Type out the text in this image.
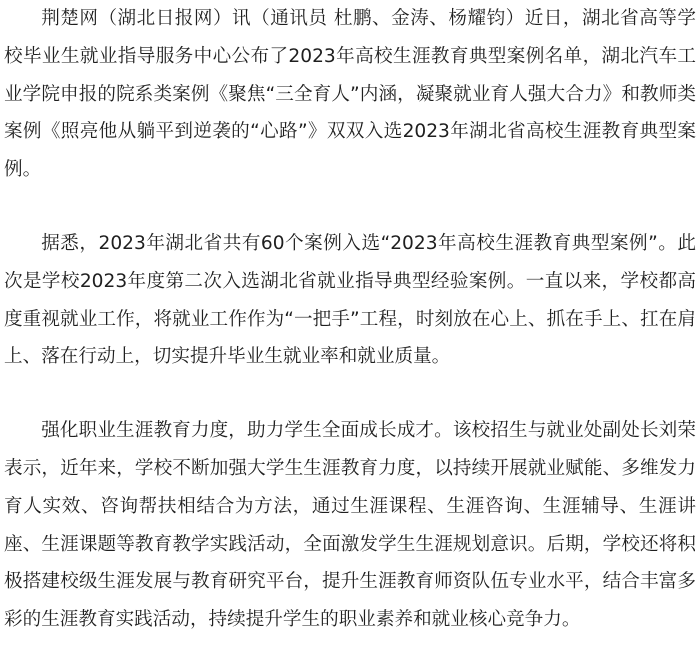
荆楚网（湖北日报网）讯（通讯员 杜鹏、金涛、杨耀钧）近日，湖北省高等学校毕业生就业指导服务中心公布了2023年高校生涯教育典型案例名单，湖北汽车工业学院申报的院系类案例《聚焦“三全育人”内涵，凝聚就业育人强大合力》和教师类案例《照亮他从躺平到逆袭的“心路”》双双入选2023年湖北省高校生涯教育典型案例。

据悉，2023年湖北省共有60个案例入选“2023年高校生涯教育典型案例”。此次是学校2023年度第二次入选湖北省就业指导典型经验案例。一直以来，学校都高度重视就业工作，将就业工作作为“一把手”工程，时刻放在心上、抓在手上、扛在肩上、落在行动上，切实提升毕业生就业率和就业质量。

强化职业生涯教育力度，助力学生全面成长成才。该校招生与就业处副处长刘荣表示，近年来，学校不断加强大学生生涯教育力度，以持续开展就业赋能、多维发力育人实效、咨询帮扶相结合为方法，通过生涯课程、生涯咨询、生涯辅导、生涯讲座、生涯课题等教育教学实践活动，全面激发学生生涯规划意识。后期，学校还将积极搭建校级生涯发展与教育研究平台，提升生涯教育师资队伍专业水平，结合丰富多彩的生涯教育实践活动，持续提升学生的职业素养和就业核心竞争力。
